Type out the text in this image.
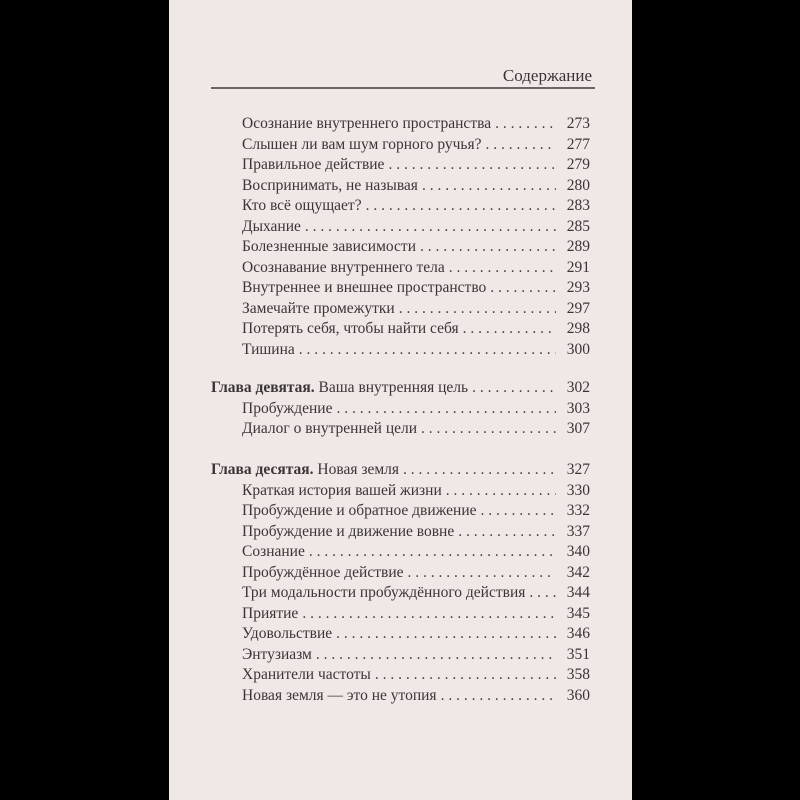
Содержание
Осознание внутреннего пространства . . .	273
Слышен ли вам шум горного ручья? . . .	277
Правильное действие . . .	279
Воспринимать, не называя . . .	280
Кто всё ощущает? . . .	283
Дыхание . . .	285
Болезненные зависимости . . .	289
Осознавание внутреннего тела . . .	291
Внутреннее и внешнее пространство . . .	293
Замечайте промежутки . . .	297
Потерять себя, чтобы найти себя . . .	298
Тишина . . .	300
Глава девятая. Ваша внутренняя цель . . .	302
Пробуждение . . .	303
Диалог о внутренней цели . . .	307
Глава десятая. Новая земля . . .	327
Краткая история вашей жизни . . .	330
Пробуждение и обратное движение . . .	332
Пробуждение и движение вовне . . .	337
Сознание . . .	340
Пробуждённое действие . . .	342
Три модальности пробуждённого действия . . .	344
Приятие . . .	345
Удовольствие . . .	346
Энтузиазм . . .	351
Хранители частоты . . .	358
Новая земля — это не утопия . . .	360
